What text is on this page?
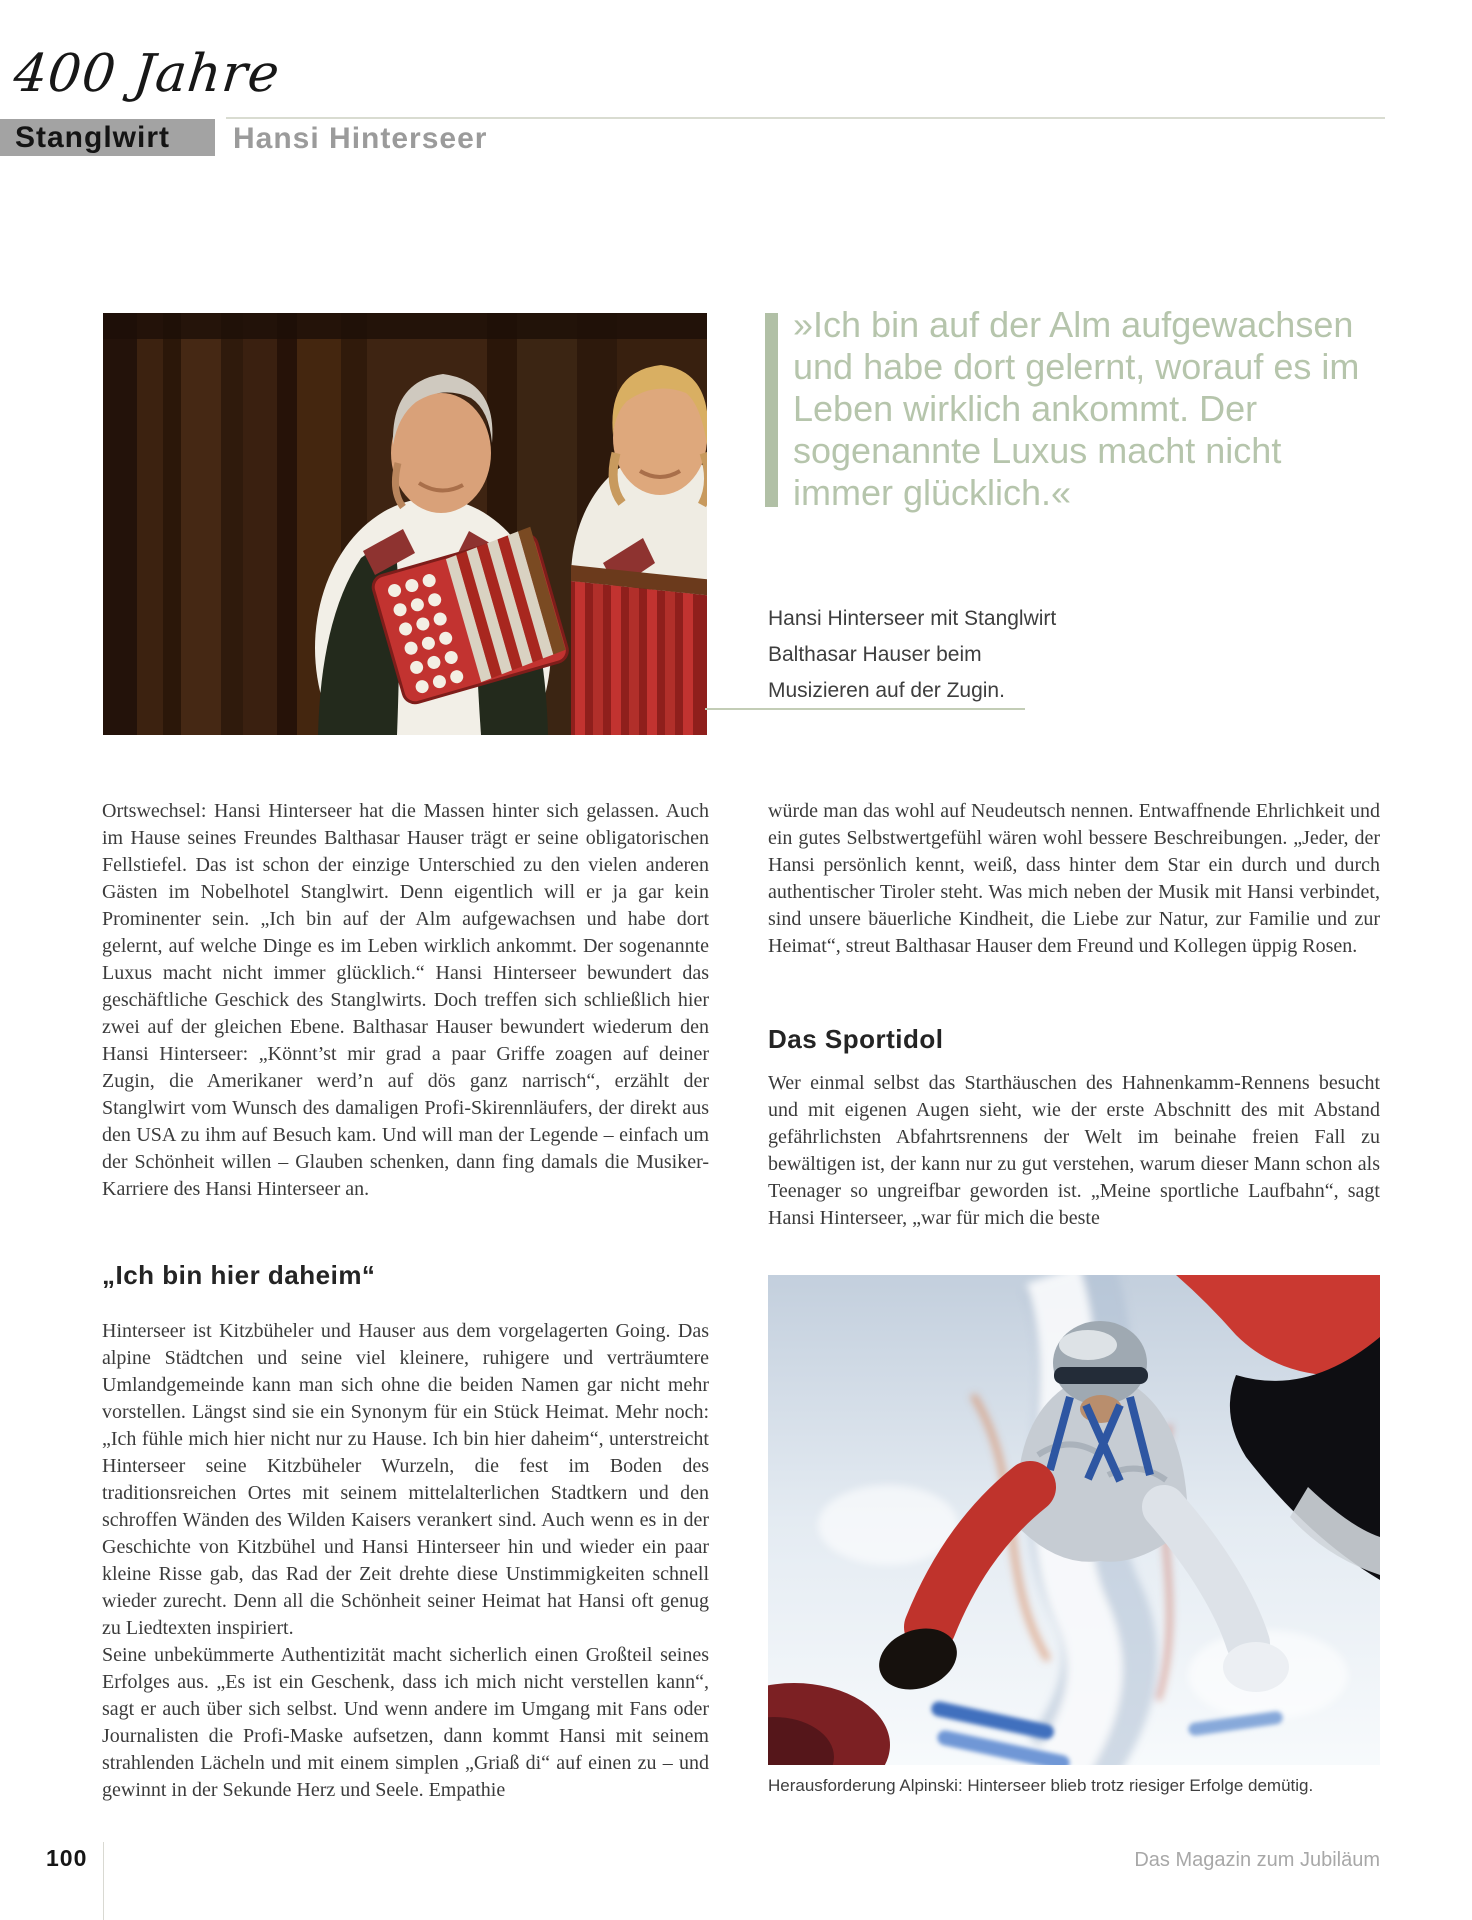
400 Jahre
Stanglwirt Hansi Hinterseer
»Ich bin auf der Alm aufgewachsen und habe dort gelernt, worauf es im Leben wirklich ankommt. Der sogenannte Luxus macht nicht immer glücklich.«
Hansi Hinterseer mit Stanglwirt
Balthasar Hauser beim
Musizieren auf der Zugin.

Ortswechsel: Hansi Hinterseer hat die Massen hinter sich gelassen. Auch im Hause seines Freundes Balthasar Hauser trägt er seine obligatorischen Fellstiefel. Das ist schon der einzige Unterschied zu den vielen anderen Gästen im Nobelhotel Stanglwirt. Denn eigentlich will er ja gar kein Prominenter sein. „Ich bin auf der Alm aufgewachsen und habe dort gelernt, auf welche Dinge es im Leben wirklich ankommt. Der sogenannte Luxus macht nicht immer glücklich.“ Hansi Hinterseer bewundert das geschäftliche Geschick des Stanglwirts. Doch treffen sich schließlich hier zwei auf der gleichen Ebene. Balthasar Hauser bewundert wiederum den Hansi Hinterseer: „Könnt’st mir grad a paar Griffe zoagen auf deiner Zugin, die Amerikaner werd’n auf dös ganz narrisch“, erzählt der Stanglwirt vom Wunsch des damaligen Profi-Skirennläufers, der direkt aus den USA zu ihm auf Besuch kam. Und will man der Legende – einfach um der Schönheit willen – Glauben schenken, dann fing damals die Musiker-Karriere des Hansi Hinterseer an.

„Ich bin hier daheim“

Hinterseer ist Kitzbüheler und Hauser aus dem vorgelagerten Going. Das alpine Städtchen und seine viel kleinere, ruhigere und verträumtere Umlandgemeinde kann man sich ohne die beiden Namen gar nicht mehr vorstellen. Längst sind sie ein Synonym für ein Stück Heimat. Mehr noch: „Ich fühle mich hier nicht nur zu Hause. Ich bin hier daheim“, unterstreicht Hinterseer seine Kitzbüheler Wurzeln, die fest im Boden des traditionsreichen Ortes mit seinem mittelalterlichen Stadtkern und den schroffen Wänden des Wilden Kaisers verankert sind. Auch wenn es in der Geschichte von Kitzbühel und Hansi Hinterseer hin und wieder ein paar kleine Risse gab, das Rad der Zeit drehte diese Unstimmigkeiten schnell wieder zurecht. Denn all die Schönheit seiner Heimat hat Hansi oft genug zu Liedtexten inspiriert.

Seine unbekümmerte Authentizität macht sicherlich einen Großteil seines Erfolges aus. „Es ist ein Geschenk, dass ich mich nicht verstellen kann“, sagt er auch über sich selbst. Und wenn andere im Umgang mit Fans oder Journalisten die Profi-Maske aufsetzen, dann kommt Hansi mit seinem strahlenden Lächeln und mit einem simplen „Griaß di“ auf einen zu – und gewinnt in der Sekunde Herz und Seele. Empathie

würde man das wohl auf Neudeutsch nennen. Entwaffnende Ehrlichkeit und ein gutes Selbstwertgefühl wären wohl bessere Beschreibungen. „Jeder, der Hansi persönlich kennt, weiß, dass hinter dem Star ein durch und durch authentischer Tiroler steht. Was mich neben der Musik mit Hansi verbindet, sind unsere bäuerliche Kindheit, die Liebe zur Natur, zur Familie und zur Heimat“, streut Balthasar Hauser dem Freund und Kollegen üppig Rosen.

Das Sportidol

Wer einmal selbst das Starthäuschen des Hahnenkamm-Rennens besucht und mit eigenen Augen sieht, wie der erste Abschnitt des mit Abstand gefährlichsten Abfahrtsrennens der Welt im beinahe freien Fall zu bewältigen ist, der kann nur zu gut verstehen, warum dieser Mann schon als Teenager so ungreifbar geworden ist. „Meine sportliche Laufbahn“, sagt Hansi Hinterseer, „war für mich die beste

Herausforderung Alpinski: Hinterseer blieb trotz riesiger Erfolge demütig.
100	Das Magazin zum Jubiläum
